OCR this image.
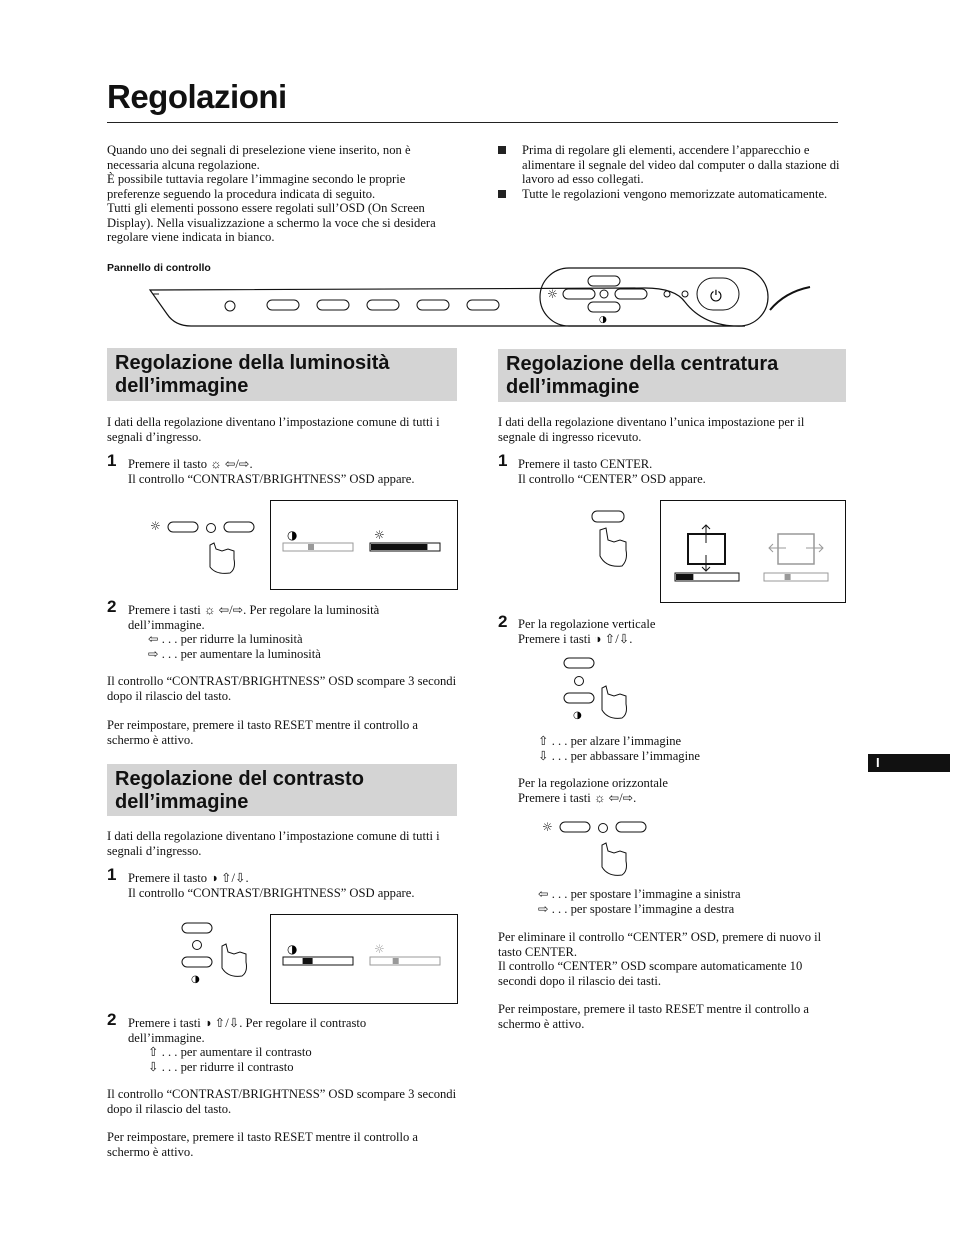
Regolazioni

Quando uno dei segnali di preselezione viene inserito, non è necessaria alcuna regolazione.

È possibile tuttavia regolare l’immagine secondo le proprie preferenze seguendo la procedura indicata di seguito.

Tutti gli elementi possono essere regolati sull’OSD (On Screen Display). Nella visualizzazione a schermo la voce che si desidera regolare viene indicata in bianco.

Prima di regolare gli elementi, accendere l’apparecchio e alimentare il segnale del video dal computer o dalla stazione di lavoro ad esso collegati.
Tutte le regolazioni vengono memorizzate automaticamente.
Pannello di controllo
☼
◑
⏻
Regolazione della luminosità dell’immagine

I dati della regolazione diventano l’impostazione comune di tutti i segnali d’ingresso.

1 Premere il tasto ☼ ⇦/⇨.

Il controllo “CONTRAST/BRIGHTNESS” OSD appare.

☼
◑	☼
2 Premere i tasti ☼ ⇦/⇨. Per regolare la luminosità

dell’immagine.

⇦ . . . per ridurre la luminosità

⇨ . . . per aumentare la luminosità

Il controllo “CONTRAST/BRIGHTNESS” OSD scompare 3 secondi dopo il rilascio del tasto.

Per reimpostare, premere il tasto RESET mentre il controllo a schermo è attivo.

Regolazione del contrasto dell’immagine

I dati della regolazione diventano l’impostazione comune di tutti i segnali d’ingresso.

1 Premere il tasto ◑ ⇧/⇩.

Il controllo “CONTRAST/BRIGHTNESS” OSD appare.

◑
◑	☼
2 Premere i tasti ◑ ⇧/⇩. Per regolare il contrasto

dell’immagine.

⇧ . . . per aumentare il contrasto

⇩ . . . per ridurre il contrasto

Il controllo “CONTRAST/BRIGHTNESS” OSD scompare 3 secondi dopo il rilascio del tasto.

Per reimpostare, premere il tasto RESET mentre il controllo a schermo è attivo.

Regolazione della centratura dell’immagine

I dati della regolazione diventano l’unica impostazione per il segnale di ingresso ricevuto.

1 Premere il tasto CENTER.

Il controllo “CENTER” OSD appare.

2 Per la regolazione verticale

Premere i tasti ◑ ⇧/⇩.

◑

⇧ . . . per alzare l’immagine

⇩ . . . per abbassare l’immagine

Per la regolazione orizzontale

Premere i tasti ☼ ⇦/⇨.

☼

⇦ . . . per spostare l’immagine a sinistra

⇨ . . . per spostare l’immagine a destra

Per eliminare il controllo “CENTER” OSD, premere di nuovo il tasto CENTER.

Il controllo “CENTER” OSD scompare automaticamente 10 secondi dopo il rilascio dei tasti.

Per reimpostare, premere il tasto RESET mentre il controllo a schermo è attivo.

I
